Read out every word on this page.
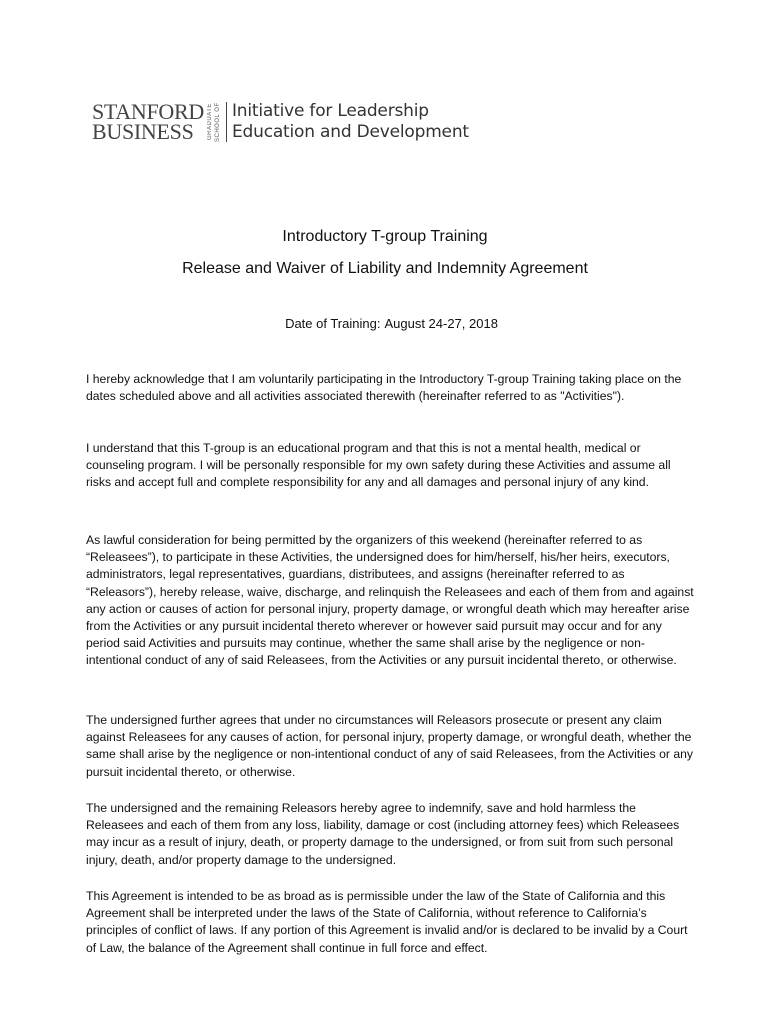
STANFORD
BUSINESS	GRADUATE SCHOOL OF Initiative for Leadership
Education and Development
Introductory T-group Training
Release and Waiver of Liability and Indemnity Agreement
Date of Training: August 24-27, 2018

I hereby acknowledge that I am voluntarily participating in the Introductory T-group Training taking place on the dates scheduled above and all activities associated therewith (hereinafter referred to as "Activities").

I understand that this T-group is an educational program and that this is not a mental health, medical or counseling program. I will be personally responsible for my own safety during these Activities and assume all risks and accept full and complete responsibility for any and all damages and personal injury of any kind.

As lawful consideration for being permitted by the organizers of this weekend (hereinafter referred to as “Releasees”), to participate in these Activities, the undersigned does for him/herself, his/her heirs, executors, administrators, legal representatives, guardians, distributees, and assigns (hereinafter referred to as “Releasors”), hereby release, waive, discharge, and relinquish the Releasees and each of them from and against any action or causes of action for personal injury, property damage, or wrongful death which may hereafter arise from the Activities or any pursuit incidental thereto wherever or however said pursuit may occur and for any period said Activities and pursuits may continue, whether the same shall arise by the negligence or non-intentional conduct of any of said Releasees, from the Activities or any pursuit incidental thereto, or otherwise.

The undersigned further agrees that under no circumstances will Releasors prosecute or present any claim against Releasees for any causes of action, for personal injury, property damage, or wrongful death, whether the same shall arise by the negligence or non-intentional conduct of any of said Releasees, from the Activities or any pursuit incidental thereto, or otherwise.

The undersigned and the remaining Releasors hereby agree to indemnify, save and hold harmless the Releasees and each of them from any loss, liability, damage or cost (including attorney fees) which Releasees may incur as a result of injury, death, or property damage to the undersigned, or from suit from such personal injury, death, and/or property damage to the undersigned.

This Agreement is intended to be as broad as is permissible under the law of the State of California and this Agreement shall be interpreted under the laws of the State of California, without reference to California’s principles of conflict of laws. If any portion of this Agreement is invalid and/or is declared to be invalid by a Court of Law, the balance of the Agreement shall continue in full force and effect.
